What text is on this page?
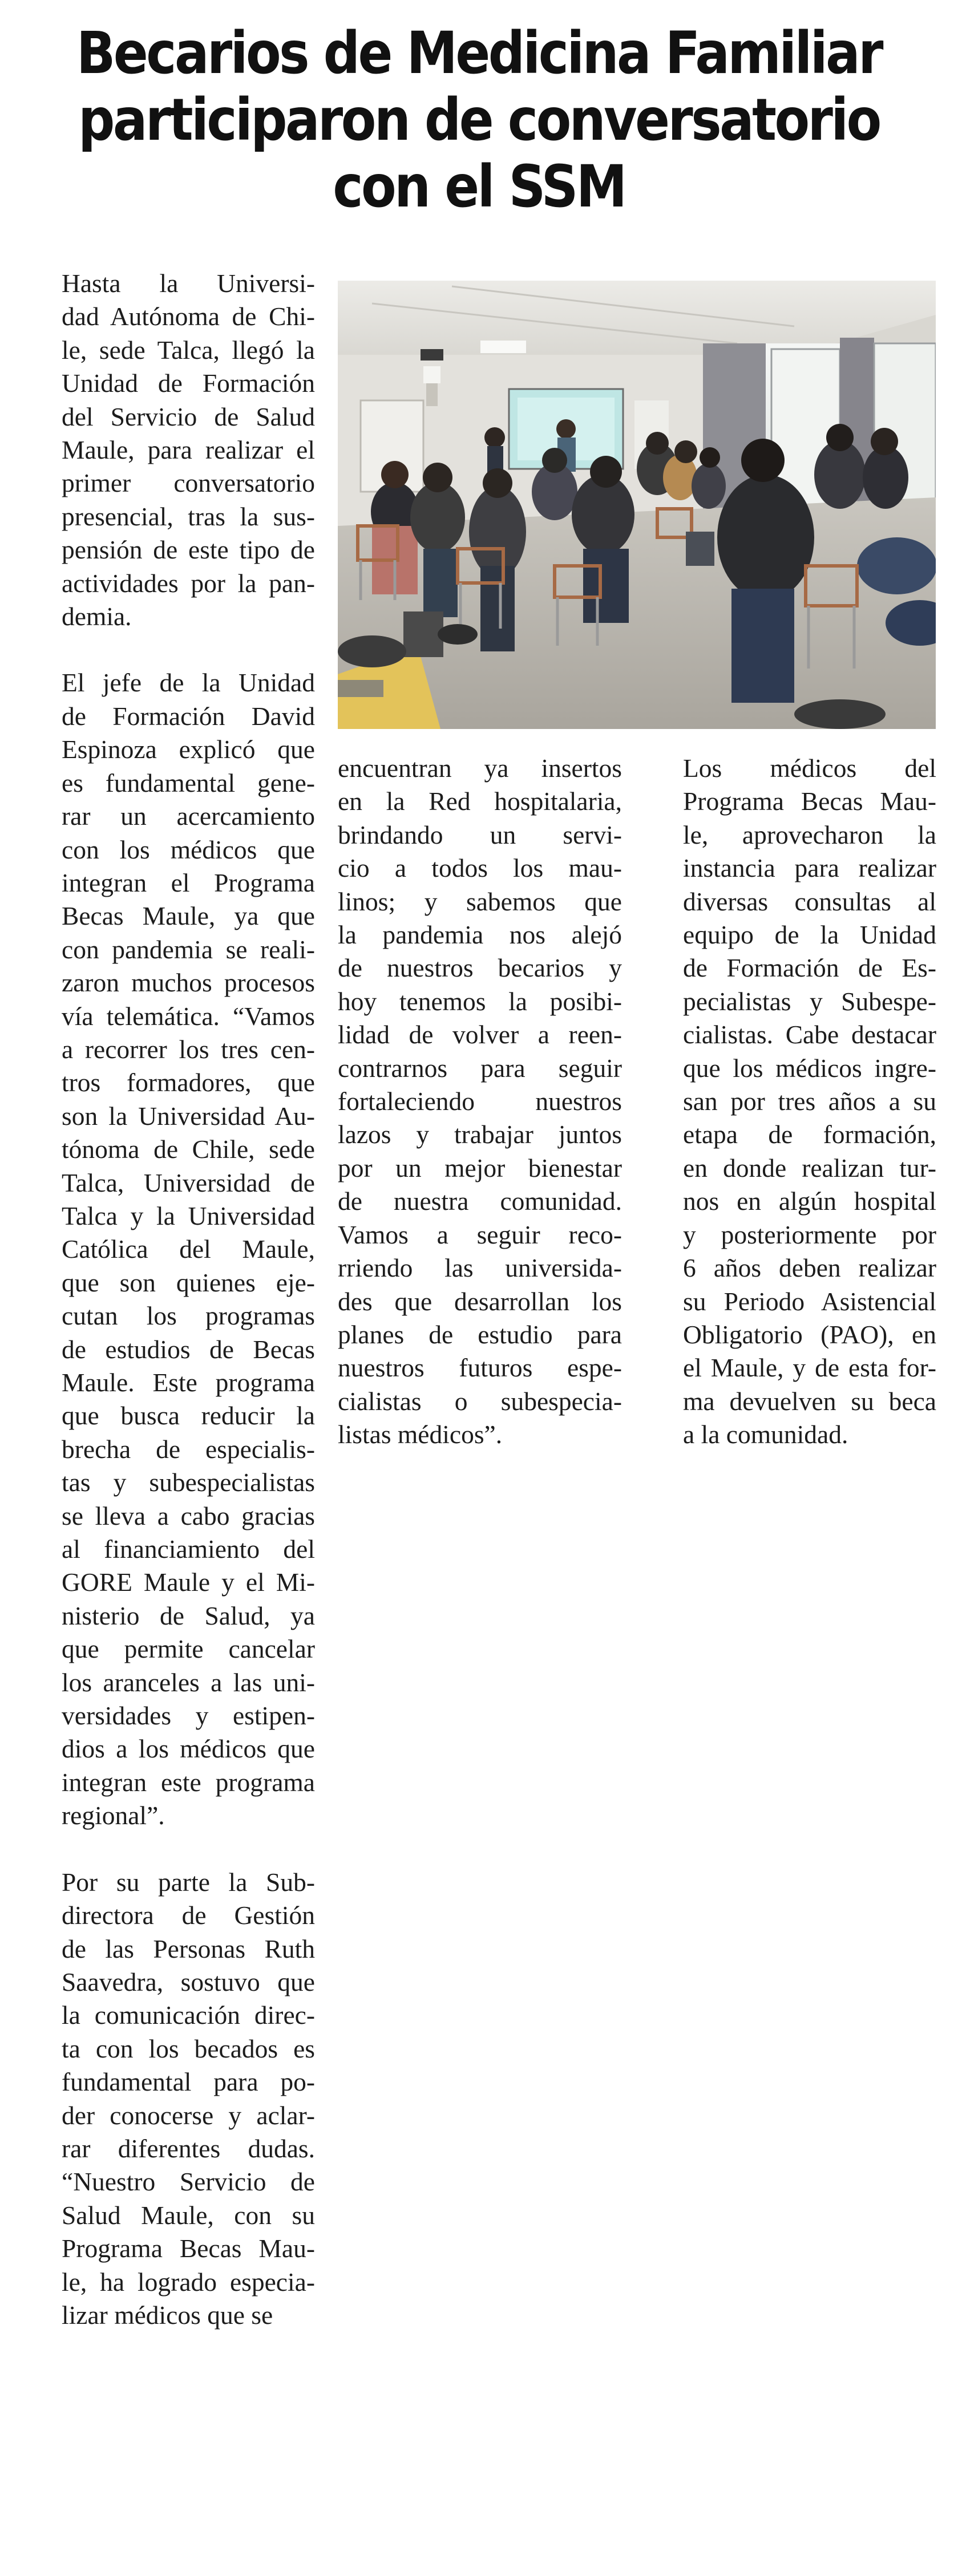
Becarios de Medicina Familiar
participaron de conversatorio
con el SSM

Hasta la Universi-
dad Autónoma de Chi-
le, sede Talca, llegó la
Unidad de Formación
del Servicio de Salud
Maule, para realizar el
primer conversatorio
presencial, tras la sus-
pensión de este tipo de
actividades por la pan-
demia.

El jefe de la Unidad
de Formación David
Espinoza explicó que
es fundamental gene-
rar un acercamiento
con los médicos que
integran el Programa
Becas Maule, ya que
con pandemia se reali-
zaron muchos procesos
vía telemática. “Vamos
a recorrer los tres cen-
tros formadores, que
son la Universidad Au-
tónoma de Chile, sede
Talca, Universidad de
Talca y la Universidad
Católica del Maule,
que son quienes eje-
cutan los programas
de estudios de Becas
Maule. Este programa
que busca reducir la
brecha de especialis-
tas y subespecialistas
se lleva a cabo gracias
al financiamiento del
GORE Maule y el Mi-
nisterio de Salud, ya
que permite cancelar
los aranceles a las uni-
versidades y estipen-
dios a los médicos que
integran este programa
regional”.

Por su parte la Sub-
directora de Gestión
de las Personas Ruth
Saavedra, sostuvo que
la comunicación direc-
ta con los becados es
fundamental para po-
der conocerse y aclar-
rar diferentes dudas.
“Nuestro Servicio de
Salud Maule, con su
Programa Becas Mau-
le, ha logrado especia-
lizar médicos que se

encuentran ya insertos
en la Red hospitalaria,
brindando un servi-
cio a todos los mau-
linos; y sabemos que
la pandemia nos alejó
de nuestros becarios y
hoy tenemos la posibi-
lidad de volver a reen-
contrarnos para seguir
fortaleciendo nuestros
lazos y trabajar juntos
por un mejor bienestar
de nuestra comunidad.
Vamos a seguir reco-
rriendo las universida-
des que desarrollan los
planes de estudio para
nuestros futuros espe-
cialistas o subespecia-
listas médicos”.

Los médicos del
Programa Becas Mau-
le, aprovecharon la
instancia para realizar
diversas consultas al
equipo de la Unidad
de Formación de Es-
pecialistas y Subespe-
cialistas. Cabe destacar
que los médicos ingre-
san por tres años a su
etapa de formación,
en donde realizan tur-
nos en algún hospital
y posteriormente por
6 años deben realizar
su Periodo Asistencial
Obligatorio (PAO), en
el Maule, y de esta for-
ma devuelven su beca
a la comunidad.
